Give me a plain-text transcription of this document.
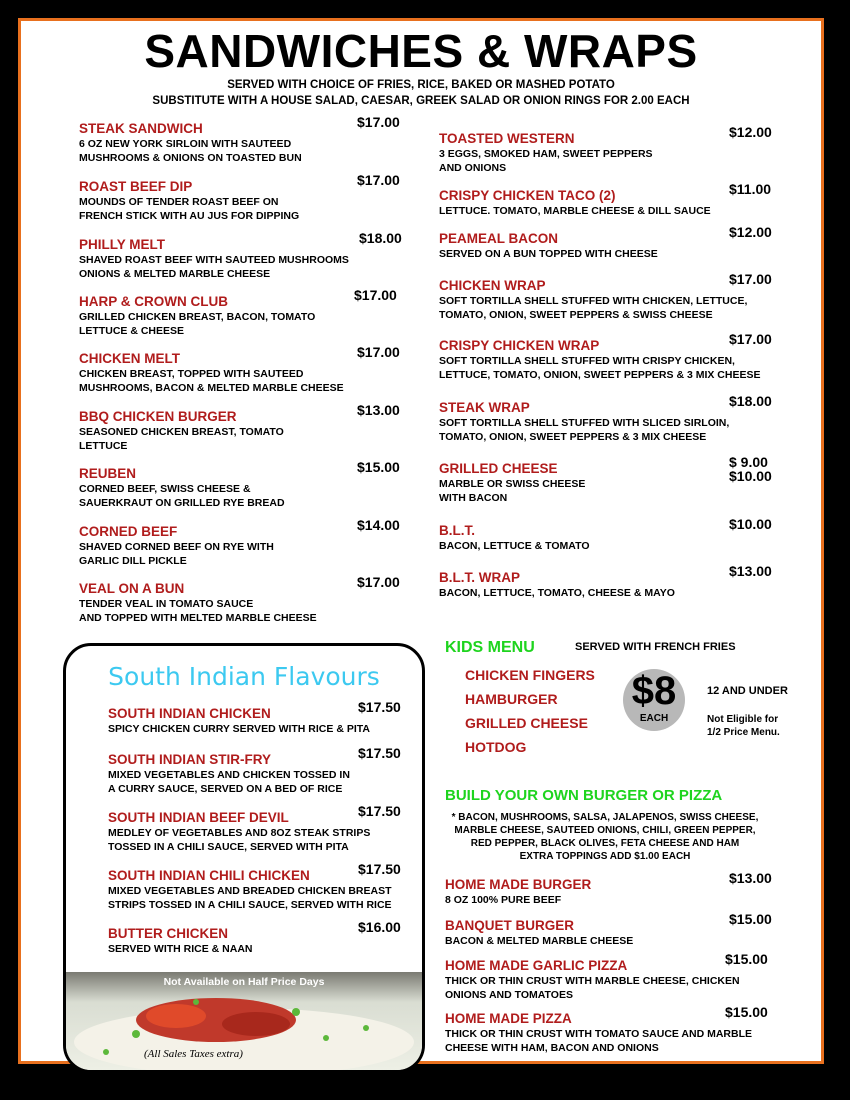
SANDWICHES & WRAPS
SERVED WITH CHOICE OF FRIES, RICE, BAKED OR MASHED POTATO
SUBSTITUTE WITH A HOUSE SALAD, CAESAR, GREEK SALAD OR ONION RINGS FOR 2.00 EACH
STEAK SANDWICH
6 OZ NEW YORK SIRLOIN WITH SAUTEED
MUSHROOMS & ONIONS ON TOASTED BUN
$17.00
ROAST BEEF DIP
MOUNDS OF TENDER ROAST BEEF ON
FRENCH STICK WITH AU JUS FOR DIPPING
$17.00
PHILLY MELT
SHAVED ROAST BEEF WITH SAUTEED MUSHROOMS
ONIONS & MELTED MARBLE CHEESE
$18.00
HARP & CROWN CLUB
GRILLED CHICKEN BREAST, BACON, TOMATO
LETTUCE & CHEESE
$17.00
CHICKEN MELT
CHICKEN BREAST, TOPPED WITH SAUTEED
MUSHROOMS, BACON & MELTED MARBLE CHEESE
$17.00
BBQ CHICKEN BURGER
SEASONED CHICKEN BREAST, TOMATO
LETTUCE
$13.00
REUBEN
CORNED BEEF, SWISS CHEESE &
SAUERKRAUT ON GRILLED RYE BREAD
$15.00
CORNED BEEF
SHAVED CORNED BEEF ON RYE WITH
GARLIC DILL PICKLE
$14.00
VEAL ON A BUN
TENDER VEAL IN TOMATO SAUCE
AND TOPPED WITH MELTED MARBLE CHEESE
$17.00
TOASTED WESTERN
3 EGGS, SMOKED HAM, SWEET PEPPERS
AND ONIONS
$12.00
CRISPY CHICKEN TACO (2)
LETTUCE. TOMATO, MARBLE CHEESE & DILL SAUCE
$11.00
PEAMEAL BACON
SERVED ON A BUN TOPPED WITH CHEESE
$12.00
CHICKEN WRAP
SOFT TORTILLA SHELL STUFFED WITH CHICKEN, LETTUCE,
TOMATO, ONION, SWEET PEPPERS & SWISS CHEESE
$17.00
CRISPY CHICKEN WRAP
SOFT TORTILLA SHELL STUFFED WITH CRISPY CHICKEN,
LETTUCE, TOMATO, ONION, SWEET PEPPERS & 3 MIX CHEESE
$17.00
STEAK WRAP
SOFT TORTILLA SHELL STUFFED WITH SLICED SIRLOIN,
TOMATO, ONION, SWEET PEPPERS & 3 MIX CHEESE
$18.00
GRILLED CHEESE
MARBLE OR SWISS CHEESE
WITH BACON
$ 9.00
$10.00
B.L.T.
BACON, LETTUCE & TOMATO
$10.00
B.L.T. WRAP
BACON, LETTUCE, TOMATO, CHEESE & MAYO
$13.00
South Indian Flavours
SOUTH INDIAN CHICKEN
SPICY CHICKEN CURRY SERVED WITH RICE & PITA
$17.50
SOUTH INDIAN STIR-FRY
MIXED VEGETABLES AND CHICKEN TOSSED IN
A CURRY SAUCE, SERVED ON A BED OF RICE
$17.50
SOUTH INDIAN BEEF DEVIL
MEDLEY OF VEGETABLES AND 8OZ STEAK STRIPS
TOSSED IN A CHILI SAUCE, SERVED WITH PITA
$17.50
SOUTH INDIAN CHILI CHICKEN
MIXED VEGETABLES AND BREADED CHICKEN BREAST
STRIPS TOSSED IN A CHILI SAUCE, SERVED WITH RICE
$17.50
BUTTER CHICKEN
SERVED WITH RICE & NAAN
$16.00
Not Available on Half Price Days
KIDS MENU	SERVED WITH FRENCH FRIES
CHICKEN FINGERS
HAMBURGER
GRILLED CHEESE
HOTDOG
$8
EACH
12 AND UNDER
Not Eligible for
1/2 Price Menu.
BUILD YOUR OWN BURGER OR PIZZA
* BACON, MUSHROOMS, SALSA, JALAPENOS, SWISS CHEESE,
MARBLE CHEESE, SAUTEED ONIONS, CHILI, GREEN PEPPER,
RED PEPPER, BLACK OLIVES, FETA CHEESE AND HAM
EXTRA TOPPINGS ADD $1.00 EACH
HOME MADE BURGER
8 OZ 100% PURE BEEF
$13.00
BANQUET BURGER
BACON & MELTED MARBLE CHEESE
$15.00
HOME MADE GARLIC PIZZA
THICK OR THIN CRUST WITH MARBLE CHEESE, CHICKEN
ONIONS AND TOMATOES
$15.00
HOME MADE PIZZA
THICK OR THIN CRUST WITH TOMATO SAUCE AND MARBLE
CHEESE WITH HAM, BACON AND ONIONS
$15.00
(All Sales Taxes extra)
